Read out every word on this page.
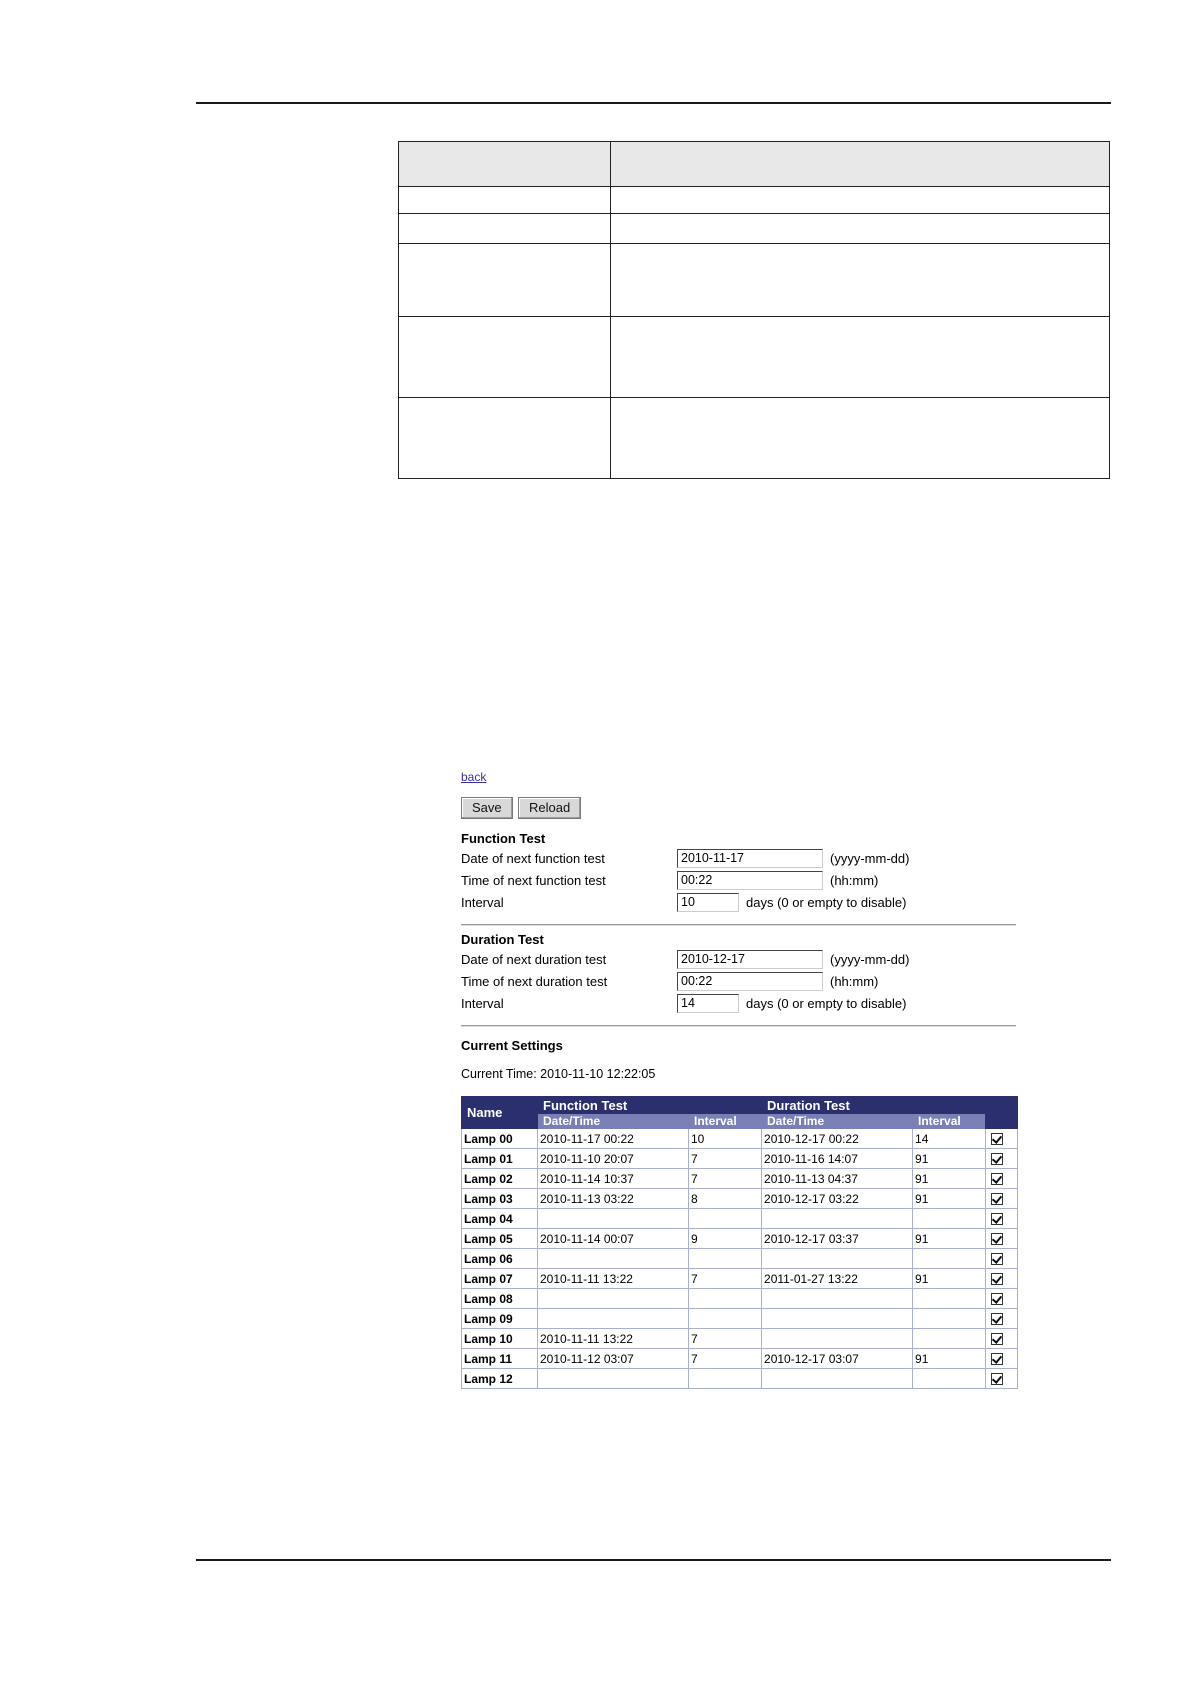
back
Save	Reload
Function Test
Date of next function test	2010-11-17	(yyyy-mm-dd)
Time of next function test	00:22	(hh:mm)
Interval	10	days (0 or empty to disable)
Duration Test
Date of next duration test	2010-12-17	(yyyy-mm-dd)
Time of next duration test	00:22	(hh:mm)
Interval	14	days (0 or empty to disable)
Current Settings
Current Time: 2010-11-10 12:22:05
Name	Function Test		Duration Test		
	Date/Time	Interval	Date/Time	Interval	
Lamp 00	2010-11-17 00:22	10	2010-12-17 00:22	14	
Lamp 01	2010-11-10 20:07	7	2010-11-16 14:07	91	
Lamp 02	2010-11-14 10:37	7	2010-11-13 04:37	91	
Lamp 03	2010-11-13 03:22	8	2010-12-17 03:22	91	
Lamp 04					
Lamp 05	2010-11-14 00:07	9	2010-12-17 03:37	91	
Lamp 06					
Lamp 07	2010-11-11 13:22	7	2011-01-27 13:22	91	
Lamp 08					
Lamp 09					
Lamp 10	2010-11-11 13:22	7			
Lamp 11	2010-11-12 03:07	7	2010-12-17 03:07	91	
Lamp 12					
